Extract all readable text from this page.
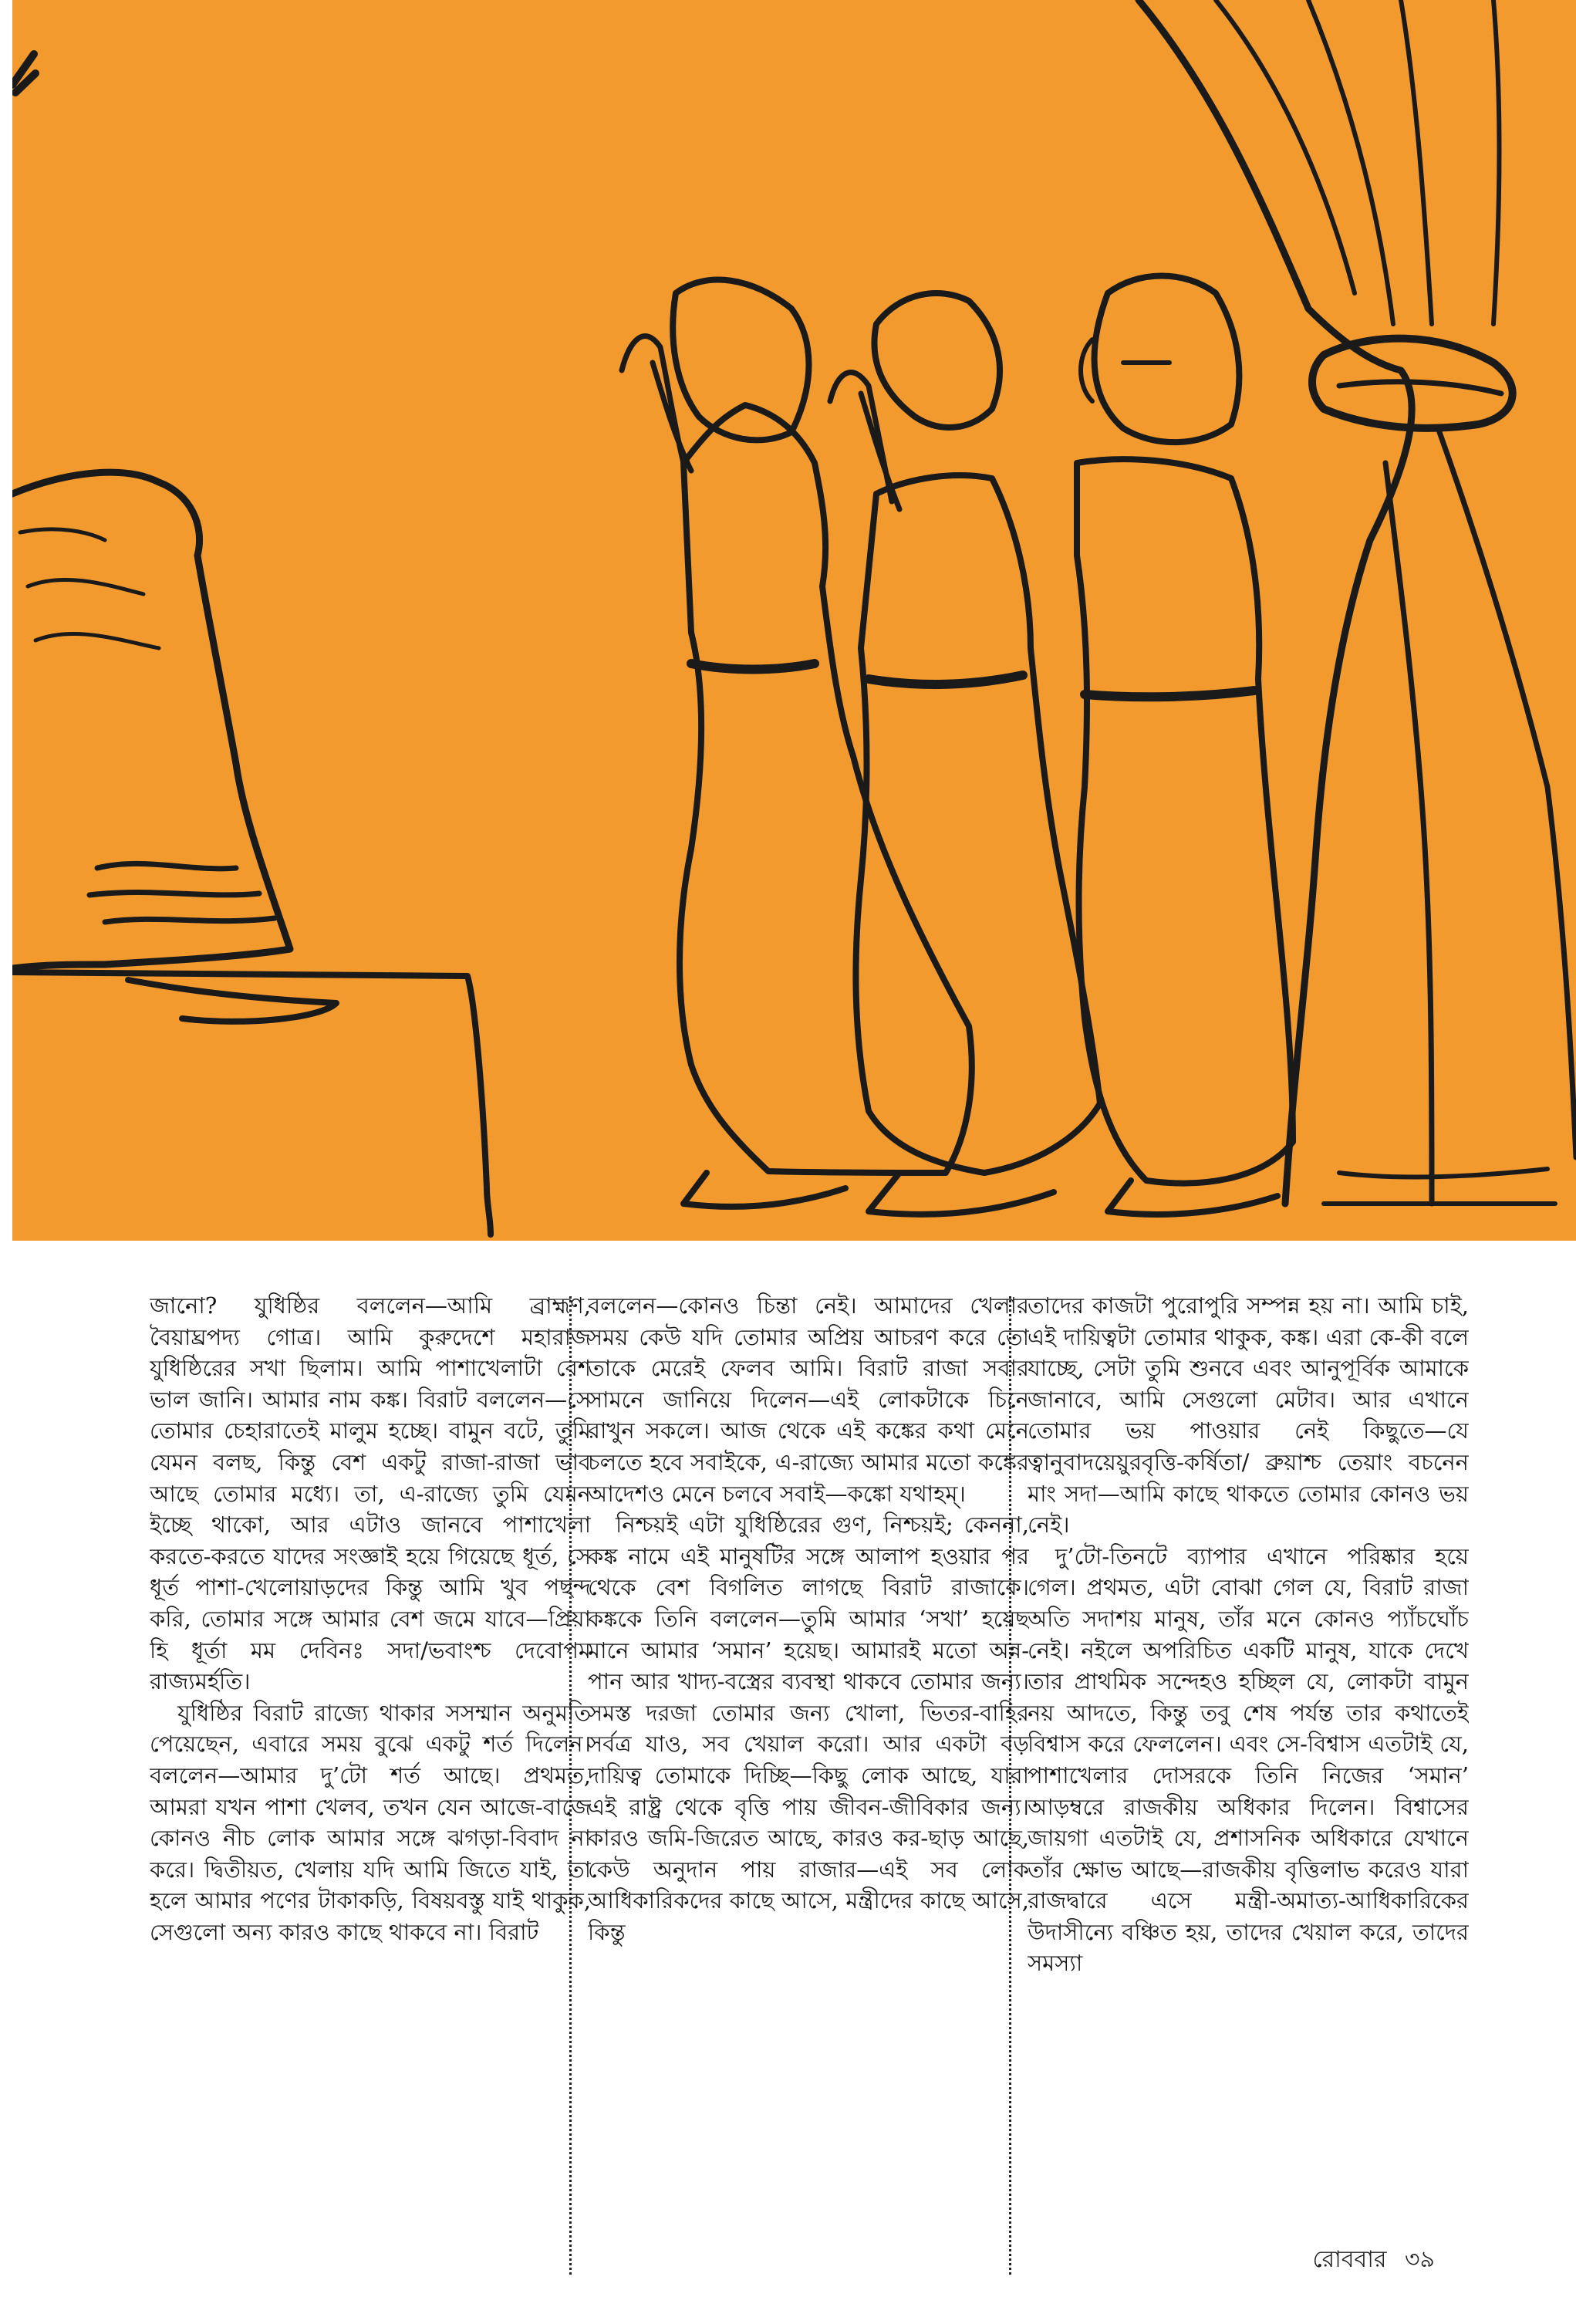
জানো? যুধিষ্ঠির বললেন—আমি ব্রাহ্মণ, বৈয়াঘ্রপদ্য গোত্র। আমি কুরুদেশে মহারাজ যুধিষ্ঠিরের সখা ছিলাম। আমি পাশাখেলাটা বেশ ভাল জানি। আমার নাম কঙ্ক। বিরাট বললেন—সে তোমার চেহারাতেই মালুম হচ্ছে। বামুন বটে, তুমি যেমন বলছ, কিন্তু বেশ একটু রাজা-রাজা ভাব আছে তোমার মধ্যে। তা, এ-রাজ্যে তুমি যেমন ইচ্ছে থাকো, আর এটাও জানবে পাশাখেলা করতে-করতে যাদের সংজ্ঞাই হয়ে গিয়েছে ধূর্ত, সে ধূর্ত পাশা-খেলোয়াড়দের কিন্তু আমি খুব পছন্দ করি, তোমার সঙ্গে আমার বেশ জমে যাবে—প্রিয়া হি ধূর্তা মম দেবিনঃ সদা/ভবাংশ্চ দেবোপম রাজ্যমর্হতি।

যুধিষ্ঠির বিরাট রাজ্যে থাকার সসম্মান অনুমতি পেয়েছেন, এবারে সময় বুঝে একটু শর্ত দিলেন। বললেন—আমার দু’টো শর্ত আছে। প্রথমত, আমরা যখন পাশা খেলব, তখন যেন আজে-বাজে কোনও নীচ লোক আমার সঙ্গে ঝগড়া-বিবাদ না করে। দ্বিতীয়ত, খেলায় যদি আমি জিতে যাই, তা হলে আমার পণের টাকাকড়ি, বিষয়বস্তু যাই থাকুক, সেগুলো অন্য কারও কাছে থাকবে না। বিরাট

বললেন—কোনও চিন্তা নেই। আমাদের খেলার সময় কেউ যদি তোমার অপ্রিয় আচরণ করে তো তাকে মেরেই ফেলব আমি। বিরাট রাজা সবার সামনে জানিয়ে দিলেন—এই লোকটাকে চিনে রাখুন সকলে। আজ থেকে এই কঙ্কের কথা মেনে চলতে হবে সবাইকে, এ-রাজ্যে আমার মতো কঙ্কের আদেশও মেনে চলবে সবাই—কঙ্কো যথাহম্।

নিশ্চয়ই এটা যুধিষ্ঠিরের গুণ, নিশ্চয়ই; কেননা, কঙ্ক নামে এই মানুষটির সঙ্গে আলাপ হওয়ার পর থেকে বেশ বিগলিত লাগছে বিরাট রাজাকে। কঙ্ককে তিনি বললেন—তুমি আমার ‘সখা’ হয়েছ মানে আমার ‘সমান’ হয়েছ। আমারই মতো অন্ন-পান আর খাদ্য-বস্ত্রের ব্যবস্থা থাকবে তোমার জন্য। সমস্ত দরজা তোমার জন্য খোলা, ভিতর-বাহির সর্বত্র যাও, সব খেয়াল করো। আর একটা বড় দায়িত্ব তোমাকে দিচ্ছি—কিছু লোক আছে, যারা এই রাষ্ট্র থেকে বৃত্তি পায় জীবন-জীবিকার জন্য। কারও জমি-জিরেত আছে, কারও কর-ছাড় আছে, কেউ অনুদান পায় রাজার—এই সব লোক আধিকারিকদের কাছে আসে, মন্ত্রীদের কাছে আসে, কিন্তু

তাদের কাজটা পুরোপুরি সম্পন্ন হয় না। আমি চাই, এই দায়িত্বটা তোমার থাকুক, কঙ্ক। এরা কে-কী বলে যাচ্ছে, সেটা তুমি শুনবে এবং আনুপূর্বিক আমাকে জানাবে, আমি সেগুলো মেটাব। আর এখানে তোমার ভয় পাওয়ার নেই কিছুতে—যে ত্বানুবাদয়েয়ুরবৃত্তি-কর্ষিতা/ ব্রুয়াশ্চ তেয়াং বচনেন মাং সদা—আমি কাছে থাকতে তোমার কোনও ভয় নেই।

দু’টো-তিনটে ব্যাপার এখানে পরিষ্কার হয়ে গেল। প্রথমত, এটা বোঝা গেল যে, বিরাট রাজা অতি সদাশয় মানুষ, তাঁর মনে কোনও প্যাঁচঘোঁচ নেই। নইলে অপরিচিত একটি মানুষ, যাকে দেখে তার প্রাথমিক সন্দেহও হচ্ছিল যে, লোকটা বামুন নয় আদতে, কিন্তু তবু শেষ পর্যন্ত তার কথাতেই বিশ্বাস করে ফেললেন। এবং সে-বিশ্বাস এতটাই যে, পাশাখেলার দোসরকে তিনি নিজের ‘সমান’ আড়ম্বরে রাজকীয় অধিকার দিলেন। বিশ্বাসের জায়গা এতটাই যে, প্রশাসনিক অধিকারে যেখানে তাঁর ক্ষোভ আছে—রাজকীয় বৃত্তিলাভ করেও যারা রাজদ্বারে এসে মন্ত্রী-অমাত্য-আধিকারিকের উদাসীন্যে বঞ্চিত হয়, তাদের খেয়াল করে, তাদের সমস্যা

রোববার ৩৯
